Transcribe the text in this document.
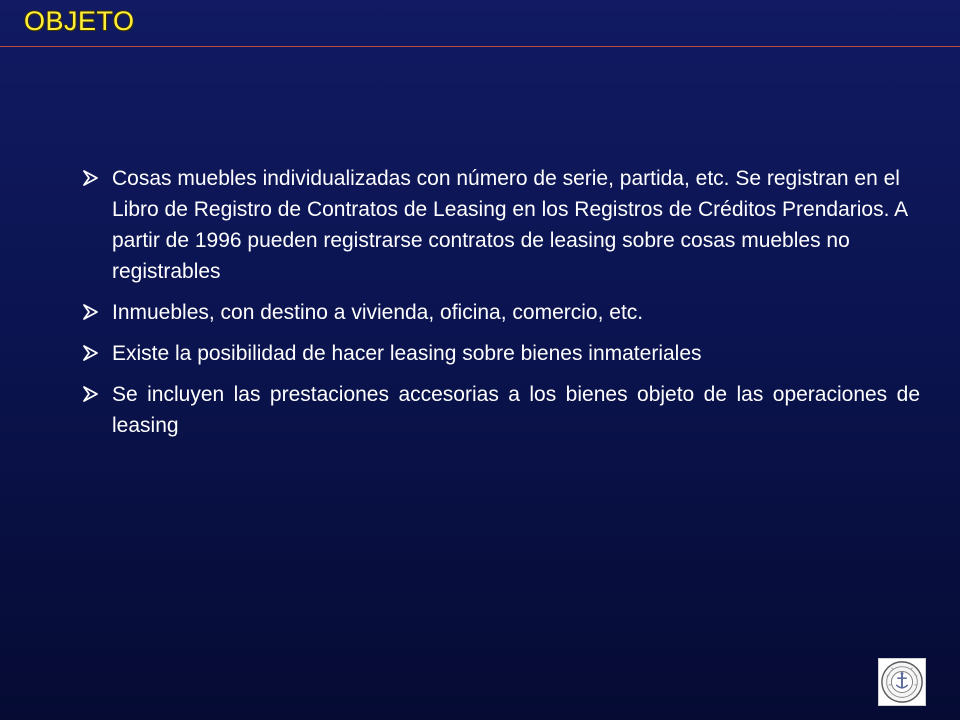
OBJETO
Cosas muebles individualizadas con número de serie, partida, etc. Se registran en el Libro de Registro de Contratos de Leasing en los Registros de Créditos Prendarios. A partir de 1996 pueden registrarse contratos de leasing sobre cosas muebles no registrables
Inmuebles, con destino a vivienda, oficina, comercio, etc.
Existe la posibilidad de hacer leasing sobre bienes inmateriales
Se incluyen las prestaciones accesorias a los bienes objeto de las operaciones de leasing
